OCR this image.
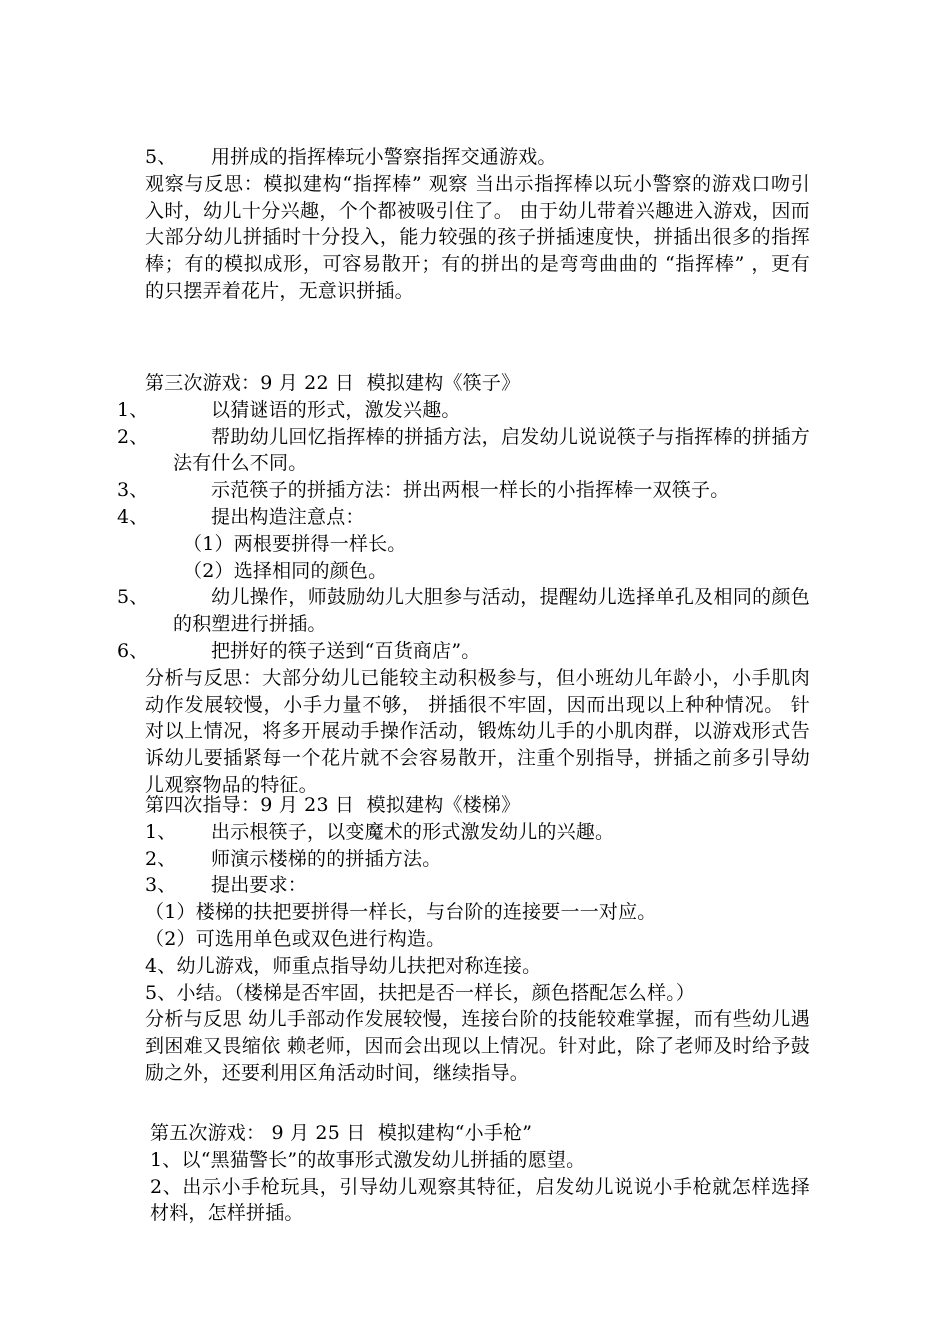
5、 用拼成的指挥棒玩小警察指挥交通游戏。

观察与反思：模拟建构“指挥棒” 观察 当出示指挥棒以玩小警察的游戏口吻引入时，幼儿十分兴趣，个个都被吸引住了。 由于幼儿带着兴趣进入游戏，因而大部分幼儿拼插时十分投入，能力较强的孩子拼插速度快，拼插出很多的指挥棒；有的模拟成形，可容易散开；有的拼出的是弯弯曲曲的 “指挥棒” ，更有的只摆弄着花片，无意识拼插。

第三次游戏：9 月 22 日  模拟建构《筷子》

1、	以猜谜语的形式，激发兴趣。

2、	帮助幼儿回忆指挥棒的拼插方法，启发幼儿说说筷子与指挥棒的拼插方法有什么不同。

3、	示范筷子的拼插方法：拼出两根一样长的小指挥棒一双筷子。

4、	提出构造注意点：

（1）两根要拼得一样长。

（2）选择相同的颜色。

5、	幼儿操作，师鼓励幼儿大胆参与活动，提醒幼儿选择单孔及相同的颜色的积塑进行拼插。

6、	把拼好的筷子送到“百货商店”。

分析与反思：大部分幼儿已能较主动积极参与，但小班幼儿年龄小，小手肌肉动作发展较慢，小手力量不够， 拼插很不牢固，因而出现以上种种情况。 针对以上情况，将多开展动手操作活动，锻炼幼儿手的小肌肉群，以游戏形式告诉幼儿要插紧每一个花片就不会容易散开，注重个别指导，拼插之前多引导幼儿观察物品的特征。

第四次指导：9 月 23 日  模拟建构《楼梯》

1、 出示根筷子，以变魔术的形式激发幼儿的兴趣。

2、 师演示楼梯的的拼插方法。

3、 提出要求：

（1）楼梯的扶把要拼得一样长，与台阶的连接要一一对应。

（2）可选用单色或双色进行构造。

4、幼儿游戏，师重点指导幼儿扶把对称连接。

5、小结。（楼梯是否牢固，扶把是否一样长，颜色搭配怎么样。）

分析与反思 幼儿手部动作发展较慢，连接台阶的技能较难掌握，而有些幼儿遇到困难又畏缩依 赖老师，因而会出现以上情况。针对此，除了老师及时给予鼓励之外，还要利用区角活动时间，继续指导。

第五次游戏： 9 月 25 日  模拟建构“小手枪”

1、以“黑猫警长”的故事形式激发幼儿拼插的愿望。

2、出示小手枪玩具，引导幼儿观察其特征，启发幼儿说说小手枪就怎样选择材料，怎样拼插。
